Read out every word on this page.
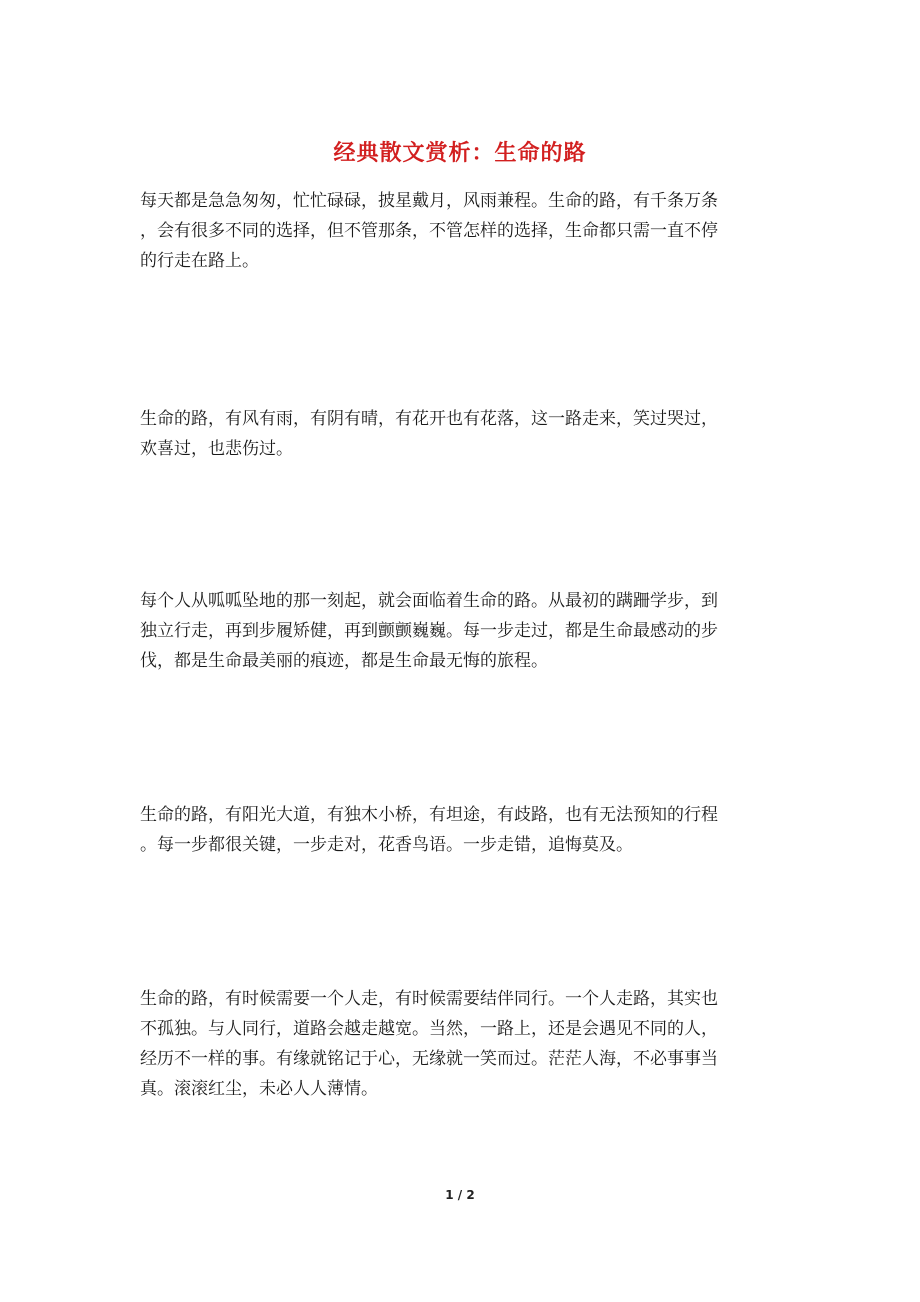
经典散文赏析：生命的路
每天都是急急匆匆，忙忙碌碌，披星戴月，风雨兼程。生命的路，有千条万条
，会有很多不同的选择，但不管那条，不管怎样的选择，生命都只需一直不停
的行走在路上。
生命的路，有风有雨，有阴有晴，有花开也有花落，这一路走来，笑过哭过，
欢喜过，也悲伤过。
每个人从呱呱坠地的那一刻起，就会面临着生命的路。从最初的蹒跚学步，到
独立行走，再到步履矫健，再到颤颤巍巍。每一步走过，都是生命最感动的步
伐，都是生命最美丽的痕迹，都是生命最无悔的旅程。
生命的路，有阳光大道，有独木小桥，有坦途，有歧路，也有无法预知的行程
。每一步都很关键，一步走对，花香鸟语。一步走错，追悔莫及。
生命的路，有时候需要一个人走，有时候需要结伴同行。一个人走路，其实也
不孤独。与人同行，道路会越走越宽。当然，一路上，还是会遇见不同的人，
经历不一样的事。有缘就铭记于心，无缘就一笑而过。茫茫人海，不必事事当
真。滚滚红尘，未必人人薄情。
1 / 2
